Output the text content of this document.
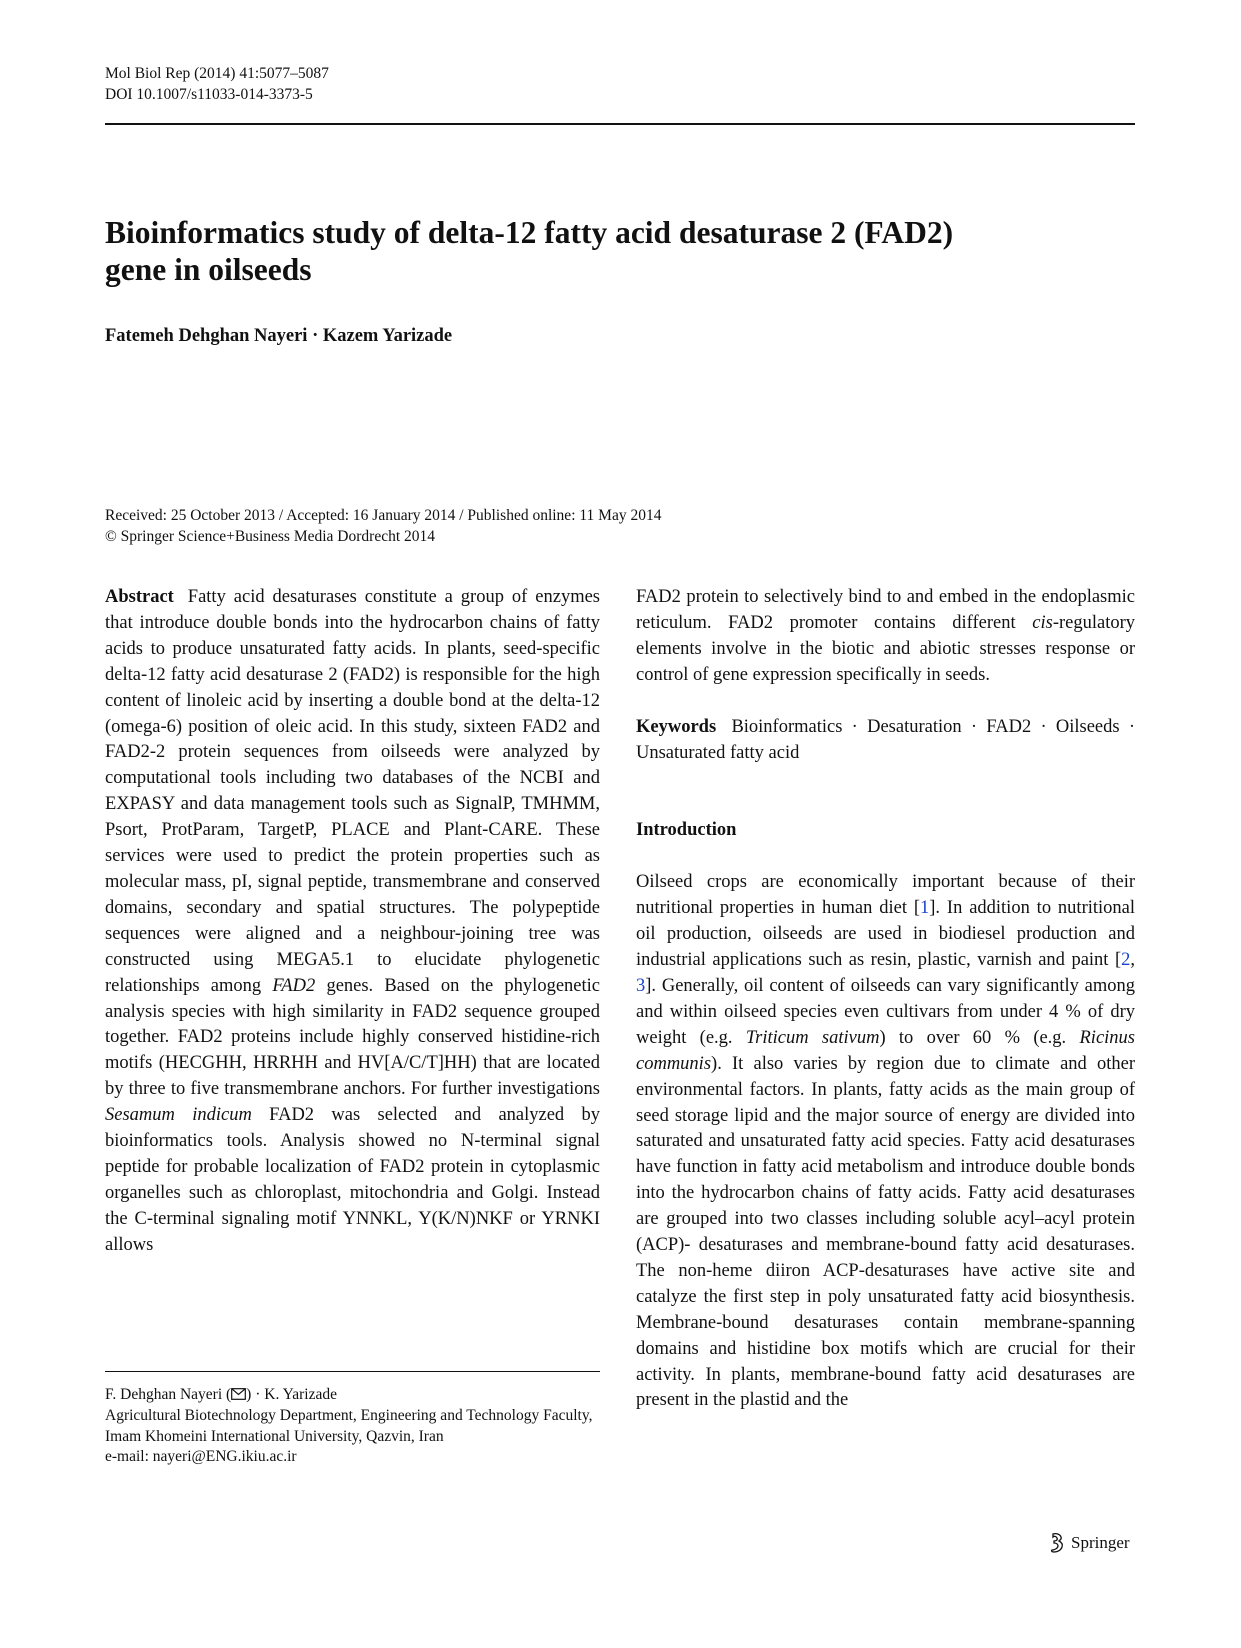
Mol Biol Rep (2014) 41:5077–5087
DOI 10.1007/s11033-014-3373-5
Bioinformatics study of delta-12 fatty acid desaturase 2 (FAD2)
gene in oilseeds
Fatemeh Dehghan Nayeri · Kazem Yarizade
Received: 25 October 2013 / Accepted: 16 January 2014 / Published online: 11 May 2014
© Springer Science+Business Media Dordrecht 2014

Abstract Fatty acid desaturases constitute a group of enzymes that introduce double bonds into the hydrocarbon chains of fatty acids to produce unsaturated fatty acids. In plants, seed-specific delta-12 fatty acid desaturase 2 (FAD2) is responsible for the high content of linoleic acid by inserting a double bond at the delta-12 (omega-6) position of oleic acid. In this study, sixteen FAD2 and FAD2-2 protein sequences from oilseeds were analyzed by computational tools including two databases of the NCBI and EXPASY and data management tools such as SignalP, TMHMM, Psort, ProtParam, TargetP, PLACE and Plant-CARE. These services were used to predict the protein properties such as molecular mass, pI, signal peptide, transmembrane and conserved domains, secondary and spatial structures. The polypeptide sequences were aligned and a neighbour-joining tree was constructed using MEGA5.1 to elucidate phylogenetic relationships among FAD2 genes. Based on the phylogenetic analysis species with high similarity in FAD2 sequence grouped together. FAD2 proteins include highly conserved histidine-rich motifs (HECGHH, HRRHH and HV[A/C/T]HH) that are located by three to five transmembrane anchors. For further investigations Sesamum indicum FAD2 was selected and analyzed by bioinformatics tools. Analysis showed no N-terminal signal peptide for probable localization of FAD2 protein in cytoplasmic organelles such as chloroplast, mitochondria and Golgi. Instead the C-terminal signaling motif YNNKL, Y(K/N)NKF or YRNKI allows

FAD2 protein to selectively bind to and embed in the endoplasmic reticulum. FAD2 promoter contains different cis-regulatory elements involve in the biotic and abiotic stresses response or control of gene expression specifically in seeds.

Keywords Bioinformatics · Desaturation · FAD2 · Oilseeds · Unsaturated fatty acid
Introduction

Oilseed crops are economically important because of their nutritional properties in human diet [1]. In addition to nutritional oil production, oilseeds are used in biodiesel production and industrial applications such as resin, plastic, varnish and paint [2, 3]. Generally, oil content of oilseeds can vary significantly among and within oilseed species even cultivars from under 4 % of dry weight (e.g. Triticum sativum) to over 60 % (e.g. Ricinus communis). It also varies by region due to climate and other environmental factors. In plants, fatty acids as the main group of seed storage lipid and the major source of energy are divided into saturated and unsaturated fatty acid species. Fatty acid desaturases have function in fatty acid metabolism and introduce double bonds into the hydrocarbon chains of fatty acids. Fatty acid desaturases are grouped into two classes including soluble acyl–acyl protein (ACP)- desaturases and membrane-bound fatty acid desaturases. The non-heme diiron ACP-desaturases have active site and catalyze the first step in poly unsaturated fatty acid biosynthesis. Membrane-bound desaturases contain membrane-spanning domains and histidine box motifs which are crucial for their activity. In plants, membrane-bound fatty acid desaturases are present in the plastid and the

F. Dehghan Nayeri ( ) · K. Yarizade
Agricultural Biotechnology Department, Engineering and Technology Faculty, Imam Khomeini International University, Qazvin, Iran
e-mail: nayeri@ENG.ikiu.ac.ir
Springer
